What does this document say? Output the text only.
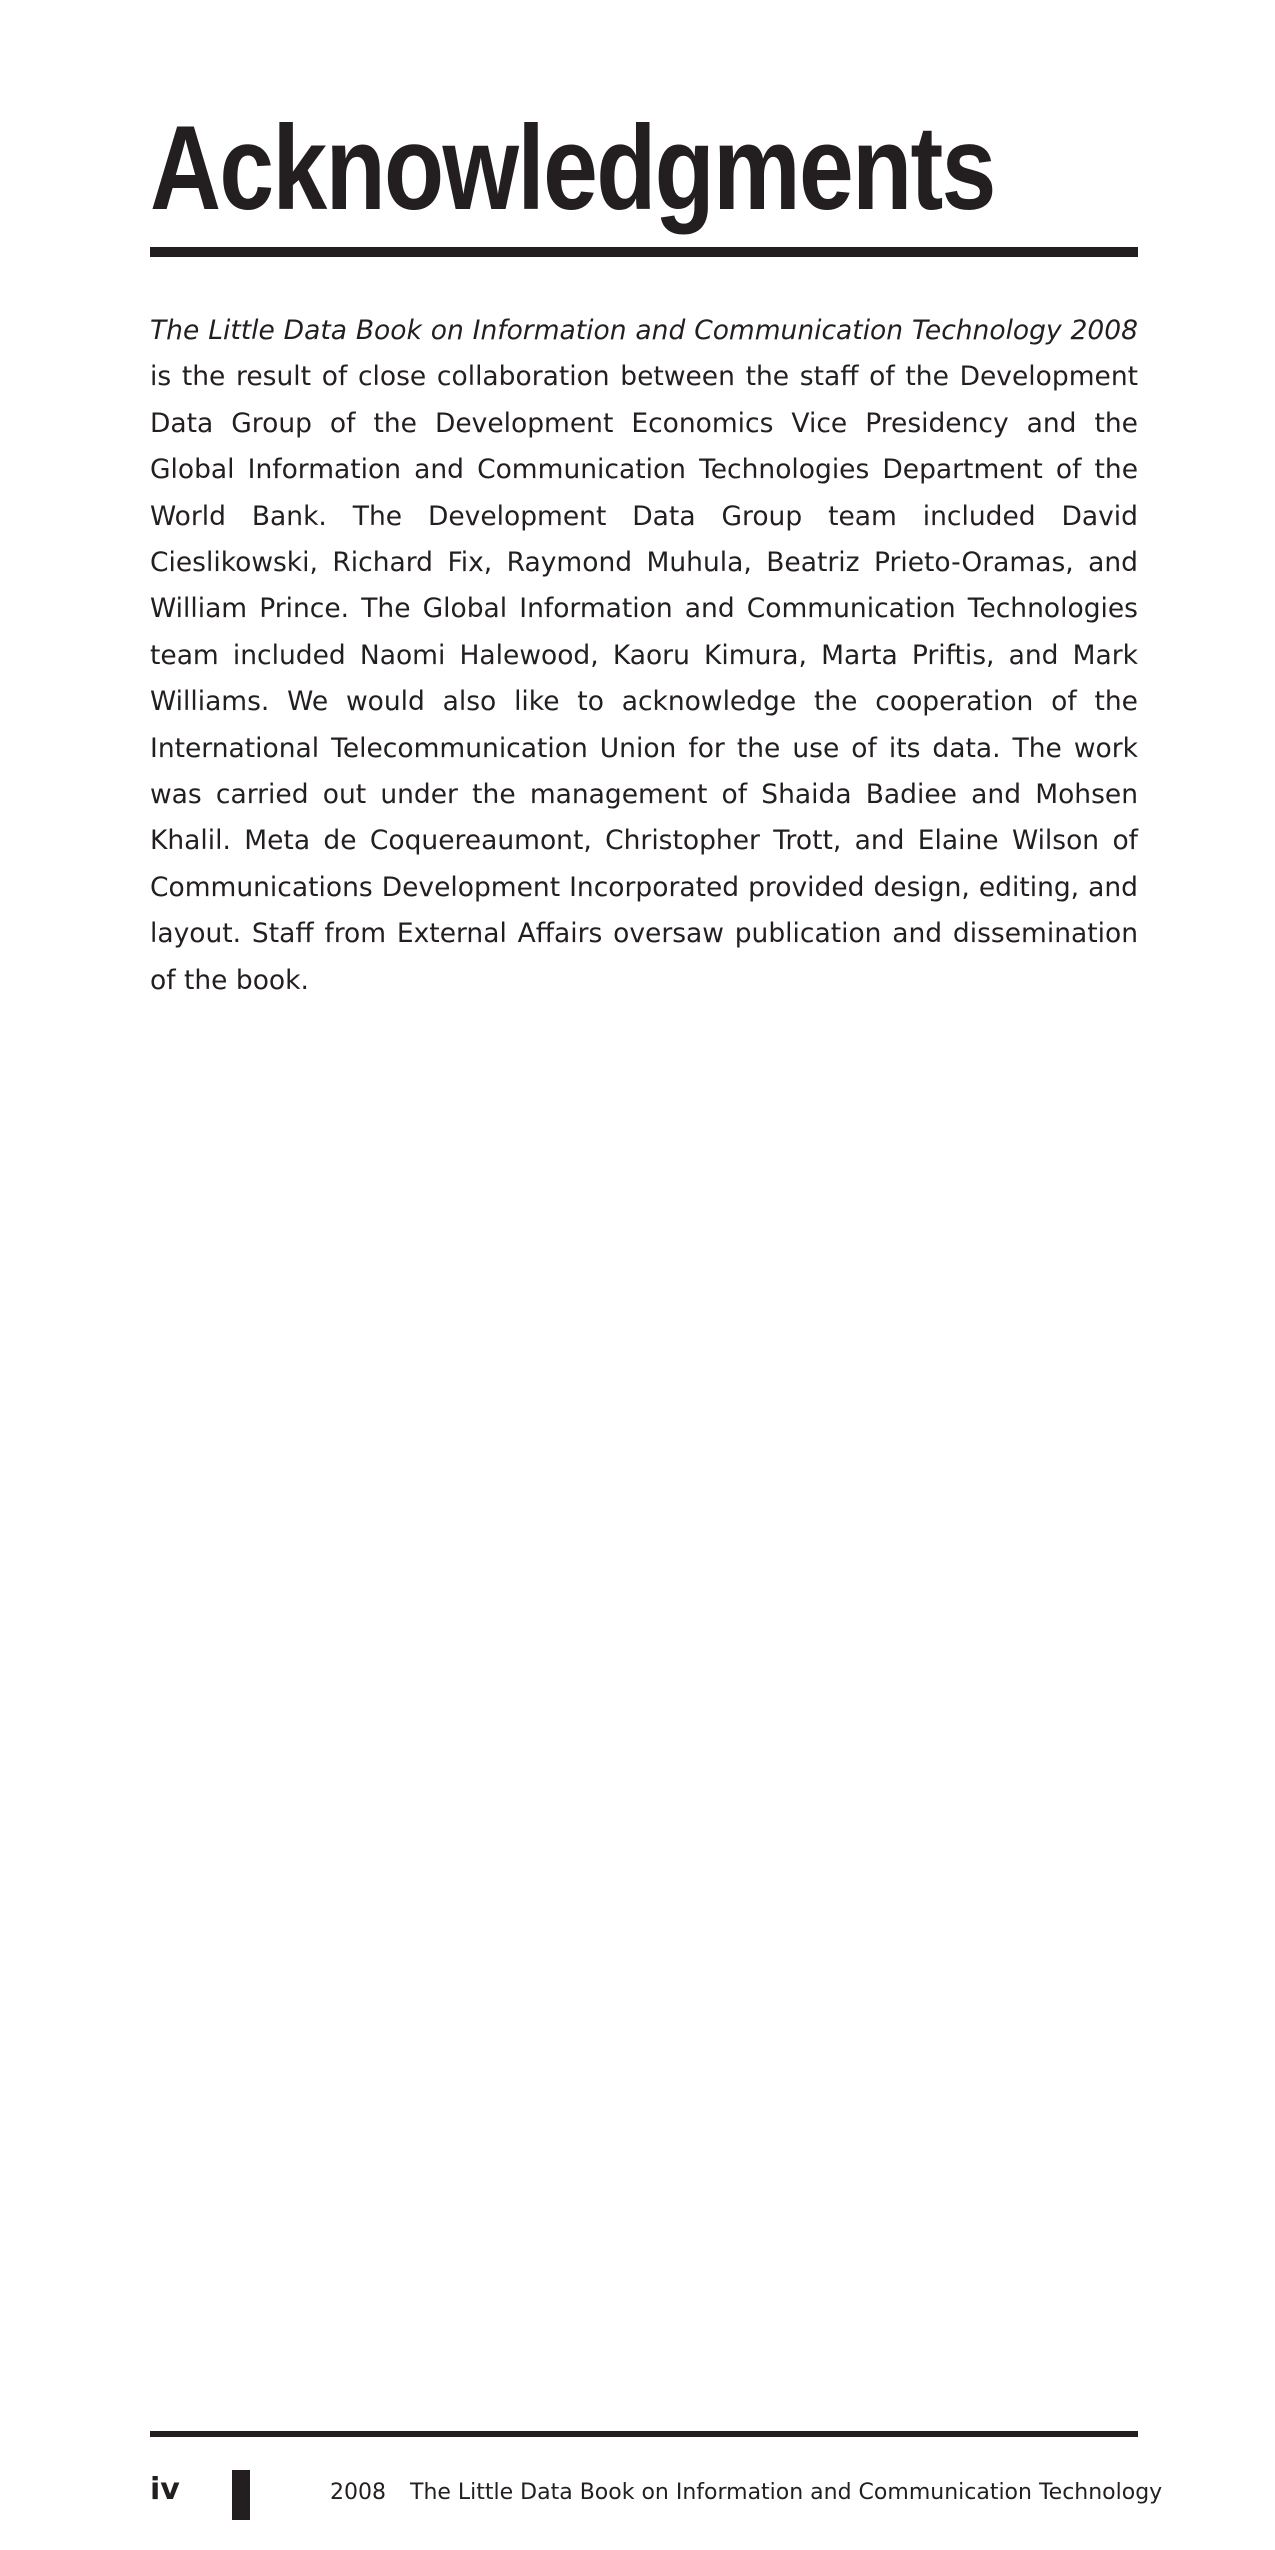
Acknowledgments

The Little Data Book on Information and Communication Technology 2008 is the result of close collaboration between the staff of the Development Data Group of the Development Economics Vice Presidency and the Global Information and Communication Technologies Department of the World Bank. The Development Data Group team included David Cieslikowski, Richard Fix, Raymond Muhula, Beatriz Prieto-Oramas, and William Prince. The Global Information and Communication Technologies team included Naomi Halewood, Kaoru Kimura, Marta Priftis, and Mark Williams. We would also like to acknowledge the cooperation of the International Telecommunication Union for the use of its data. The work was carried out under the management of Shaida Badiee and Mohsen Khalil. Meta de Coquereaumont, Christopher Trott, and Elaine Wilson of Communications Development Incorporated provided design, editing, and layout. Staff from External Affairs oversaw publication and dissemination of the book.

iv	2008 The Little Data Book on Information and Communication Technology
